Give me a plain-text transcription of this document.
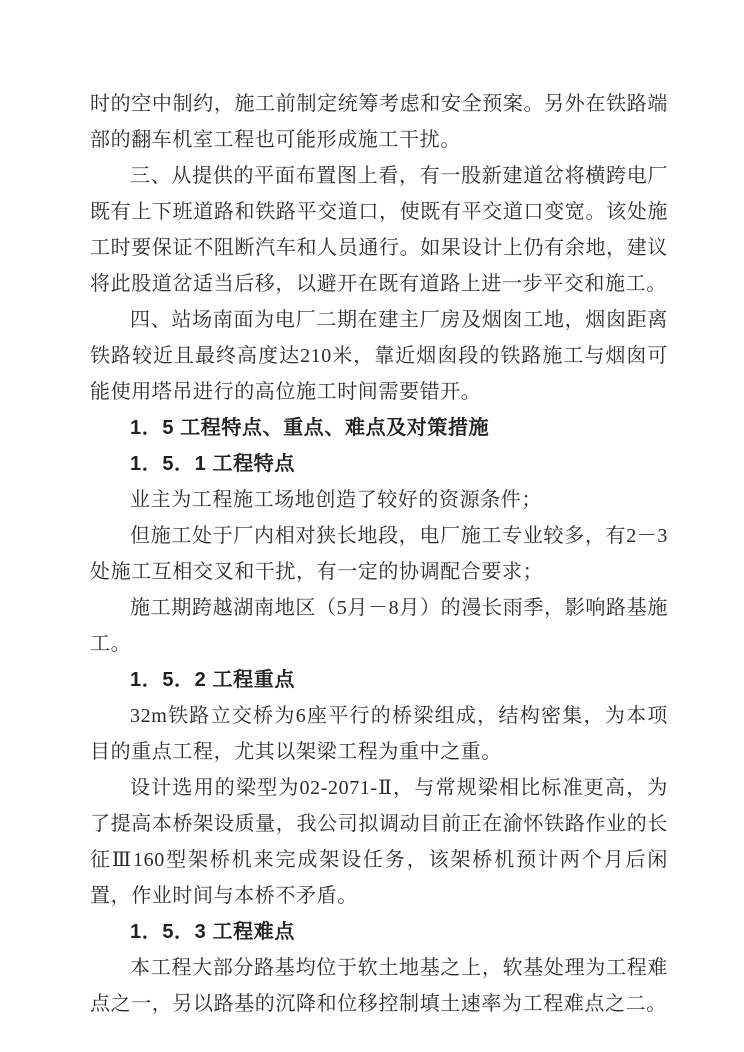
时的空中制约，施工前制定统筹考虑和安全预案。另外在铁路端部的翻车机室工程也可能形成施工干扰。

三、从提供的平面布置图上看，有一股新建道岔将横跨电厂既有上下班道路和铁路平交道口，使既有平交道口变宽。该处施工时要保证不阻断汽车和人员通行。如果设计上仍有余地，建议将此股道岔适当后移，以避开在既有道路上进一步平交和施工。

四、站场南面为电厂二期在建主厂房及烟囱工地，烟囱距离铁路较近且最终高度达210米，靠近烟囱段的铁路施工与烟囱可能使用塔吊进行的高位施工时间需要错开。

1．5 工程特点、重点、难点及对策措施
1．5．1 工程特点

业主为工程施工场地创造了较好的资源条件；

但施工处于厂内相对狭长地段，电厂施工专业较多，有2－3处施工互相交叉和干扰，有一定的协调配合要求；

施工期跨越湖南地区（5月－8月）的漫长雨季，影响路基施工。

1．5．2 工程重点

32m铁路立交桥为6座平行的桥梁组成，结构密集，为本项目的重点工程，尤其以架梁工程为重中之重。

设计选用的梁型为02-2071-Ⅱ，与常规梁相比标准更高，为了提高本桥架设质量，我公司拟调动目前正在渝怀铁路作业的长征Ⅲ160型架桥机来完成架设任务，该架桥机预计两个月后闲置，作业时间与本桥不矛盾。

1．5．3 工程难点

本工程大部分路基均位于软土地基之上，软基处理为工程难点之一，另以路基的沉降和位移控制填土速率为工程难点之二。
